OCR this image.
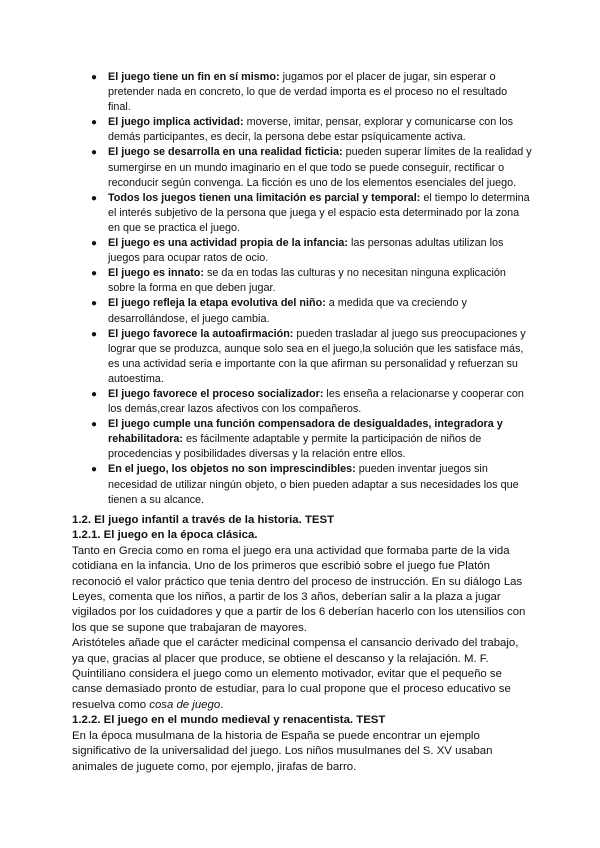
● El juego tiene un fin en sí mismo: jugamos por el placer de jugar, sin esperar o pretender nada en concreto, lo que de verdad importa es el proceso no el resultado final.
● El juego implica actividad: moverse, imitar, pensar, explorar y comunicarse con los demás participantes, es decir, la persona debe estar psíquicamente activa.
● El juego se desarrolla en una realidad ficticia: pueden superar límites de la realidad y sumergirse en un mundo imaginario en el que todo se puede conseguir, rectificar o reconducir según convenga. La ficción es uno de los elementos esenciales del juego.
● Todos los juegos tienen una limitación es parcial y temporal: el tiempo lo determina el interés subjetivo de la persona que juega y el espacio esta determinado por la zona en que se practica el juego.
● El juego es una actividad propia de la infancia: las personas adultas utilizan los juegos para ocupar ratos de ocio.
● El juego es innato: se da en todas las culturas y no necesitan ninguna explicación sobre la forma en que deben jugar.
● El juego refleja la etapa evolutiva del niño: a medida que va creciendo y desarrollándose, el juego cambia.
● El juego favorece la autoafirmación: pueden trasladar al juego sus preocupaciones y lograr que se produzca, aunque solo sea en el juego,la solución que les satisface más, es una actividad seria e importante con la que afirman su personalidad y refuerzan su autoestima.
● El juego favorece el proceso socializador: les enseña a relacionarse y cooperar con los demás,crear lazos afectivos con los compañeros.
● El juego cumple una función compensadora de desigualdades, integradora y rehabilitadora: es fácilmente adaptable y permite la participación de niños de procedencias y posibilidades diversas y la relación entre ellos.
● En el juego, los objetos no son imprescindibles: pueden inventar juegos sin necesidad de utilizar ningún objeto, o bien pueden adaptar a sus necesidades los que tienen a su alcance.

1.2. El juego infantil a través de la historia. TEST

1.2.1. El juego en la época clásica.

Tanto en Grecia como en roma el juego era una actividad que formaba parte de la vida cotidiana en la infancia. Uno de los primeros que escribió sobre el juego fue Platón reconoció el valor práctico que tenia dentro del proceso de instrucción. En su diálogo Las Leyes, comenta que los niños, a partir de los 3 años, deberían salir a la plaza a jugar vigilados por los cuidadores y que a partir de los 6 deberían hacerlo con los utensilios con los que se supone que trabajaran de mayores.

Aristóteles añade que el carácter medicinal compensa el cansancio derivado del trabajo, ya que, gracias al placer que produce, se obtiene el descanso y la relajación. M. F. Quintiliano considera el juego como un elemento motivador, evitar que el pequeño se canse demasiado pronto de estudiar, para lo cual propone que el proceso educativo se resuelva como cosa de juego.

1.2.2. El juego en el mundo medieval y renacentista. TEST

En la época musulmana de la historia de España se puede encontrar un ejemplo significativo de la universalidad del juego. Los niños musulmanes del S. XV usaban animales de juguete como, por ejemplo, jirafas de barro.
